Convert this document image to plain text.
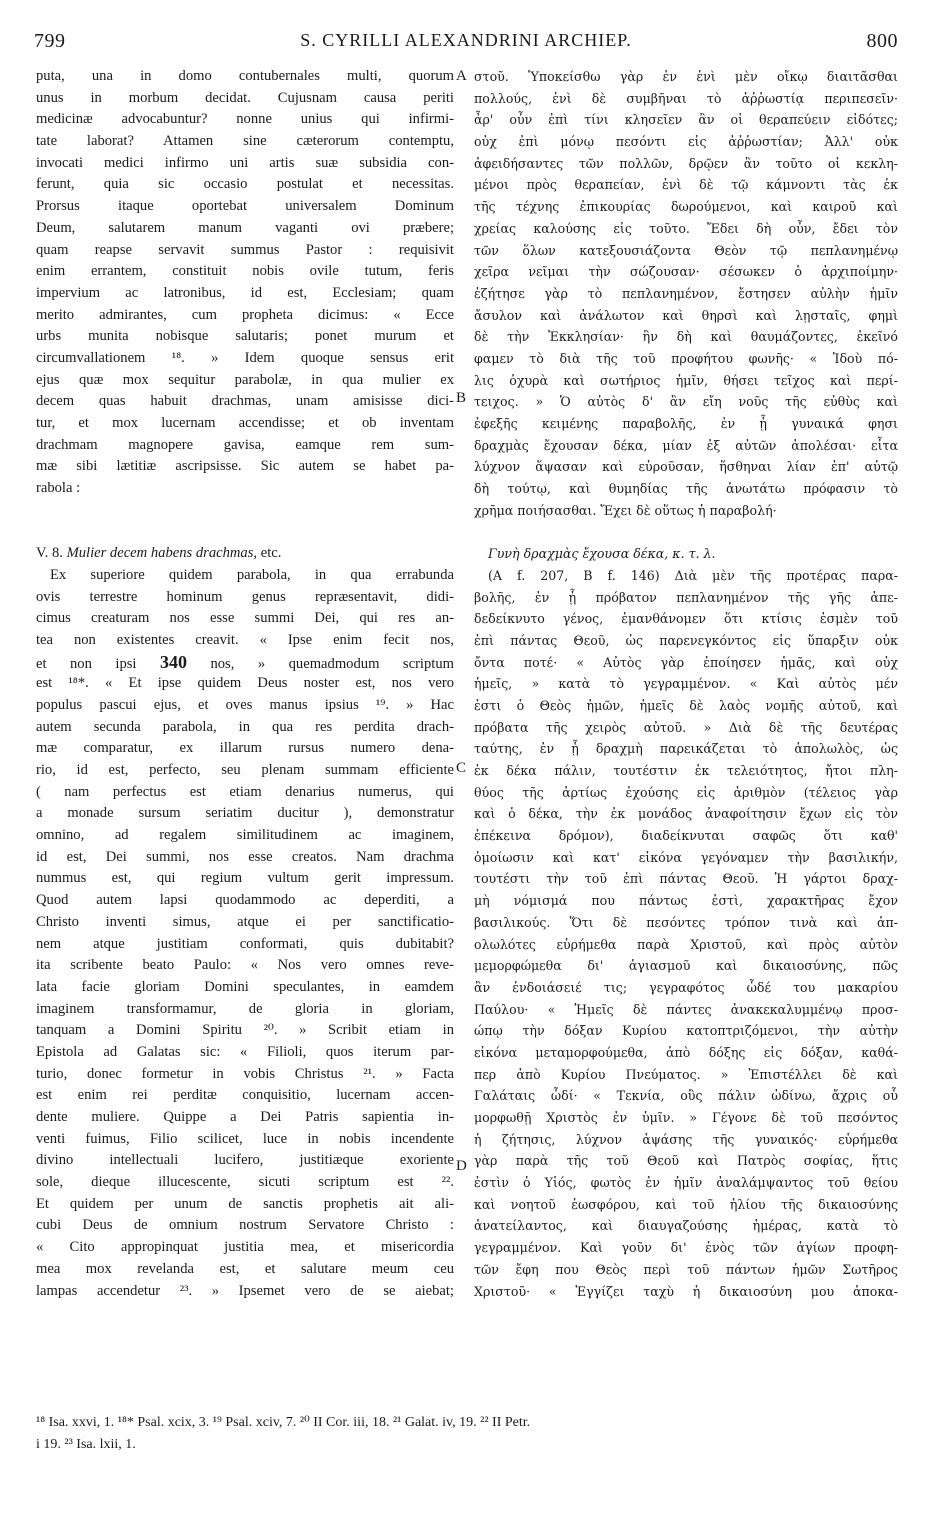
799	S. CYRILLI ALEXANDRINI ARCHIEP.	800
puta, una in domo contubernales multi, quorum
unus in morbum decidat. Cujusnam causa periti
medicinæ advocabuntur? nonne unius qui infirmi-
tate laborat? Attamen sine cæterorum contemptu,
invocati medici infirmo uni artis suæ subsidia con-
ferunt, quia sic occasio postulat et necessitas.
Prorsus itaque oportebat universalem Dominum
Deum, salutarem manum vaganti ovi præbere;
quam reapse servavit summus Pastor : requisivit
enim errantem, constituit nobis ovile tutum, feris
impervium ac latronibus, id est, Ecclesiam; quam
merito admirantes, cum propheta dicimus: « Ecce
urbs munita nobisque salutaris; ponet murum et
circumvallationem ¹⁸. » Idem quoque sensus erit
ejus quæ mox sequitur parabolæ, in qua mulier ex
decem quas habuit drachmas, unam amisisse dici-
tur, et mox lucernam accendisse; et ob inventam
drachmam magnopere gavisa, eamque rem sum-
mæ sibi lætitiæ ascripsisse. Sic autem se habet pa-
rabola :
V. 8. Mulier decem habens drachmas, etc.
Ex superiore quidem parabola, in qua errabunda
ovis terrestre hominum genus repræsentavit, didi-
cimus creaturam nos esse summi Dei, qui res an-
tea non existentes creavit. « Ipse enim fecit nos,
et non ipsi 340 nos, » quemadmodum scriptum
est ¹⁸*. « Et ipse quidem Deus noster est, nos vero
populus pascui ejus, et oves manus ipsius ¹⁹. » Hac
autem secunda parabola, in qua res perdita drach-
mæ comparatur, ex illarum rursus numero dena-
rio, id est, perfecto, seu plenam summam efficiente
( nam perfectus est etiam denarius numerus, qui
a monade sursum seriatim ducitur ), demonstratur
omnino, ad regalem similitudinem ac imaginem,
id est, Dei summi, nos esse creatos. Nam drachma
nummus est, qui regium vultum gerit impressum.
Quod autem lapsi quodammodo ac deperditi, a
Christo inventi simus, atque ei per sanctificatio-
nem atque justitiam conformati, quis dubitabit?
ita scribente beato Paulo: « Nos vero omnes reve-
lata facie gloriam Domini speculantes, in eamdem
imaginem transformamur, de gloria in gloriam,
tanquam a Domini Spiritu ²⁰. » Scribit etiam in
Epistola ad Galatas sic: « Filioli, quos iterum par-
turio, donec formetur in vobis Christus ²¹. » Facta
est enim rei perditæ conquisitio, lucernam accen-
dente muliere. Quippe a Dei Patris sapientia in-
venti fuimus, Filio scilicet, luce in nobis incendente
divino intellectuali lucifero, justitiæque exoriente
sole, dieque illucescente, sicuti scriptum est ²².
Et quidem per unum de sanctis prophetis ait ali-
cubi Deus de omnium nostrum Servatore Christo :
« Cito appropinquat justitia mea, et misericordia
mea mox revelanda est, et salutare meum ceu
lampas accendetur ²³. » Ipsemet vero de se aiebat;
A
B
C
D
στοῦ. Ὑποκείσθω γὰρ ἐν ἑνὶ μὲν οἴκῳ διαιτᾶσθαι
πολλούς, ἑνὶ δὲ συμβῆναι τὸ ἀῤῥωστίᾳ περιπεσεῖν·
ἆρ' οὖν ἐπὶ τίνι κλησεῖεν ἂν οἱ θεραπεύειν εἰδότες;
οὐχ ἐπὶ μόνῳ πεσόντι εἰς ἀῤῥωστίαν; Ἀλλ' οὐκ
ἀφειδήσαντες τῶν πολλῶν, δρῷεν ἂν τοῦτο οἱ κεκλη-
μένοι πρὸς θεραπείαν, ἑνὶ δὲ τῷ κάμνοντι τὰς ἐκ
τῆς τέχνης ἐπικουρίας δωρούμενοι, καὶ καιροῦ καὶ
χρείας καλούσης εἰς τοῦτο. Ἔδει δὴ οὖν, ἔδει τὸν
τῶν ὅλων κατεξουσιάζοντα Θεὸν τῷ πεπλανημένῳ
χεῖρα νεῖμαι τὴν σώζουσαν· σέσωκεν ὁ ἀρχιποίμην·
ἐζήτησε γὰρ τὸ πεπλανημένον, ἔστησεν αὐλὴν ἡμῖν
ἄσυλον καὶ ἀνάλωτον καὶ θηρσὶ καὶ λῃσταῖς, φημὶ
δὲ τὴν Ἐκκλησίαν· ἣν δὴ καὶ θαυμάζοντες, ἐκεῖνό
φαμεν τὸ διὰ τῆς τοῦ προφήτου φωνῆς· « Ἰδοὺ πό-
λις ὀχυρὰ καὶ σωτήριος ἡμῖν, θήσει τεῖχος καὶ περί-
τειχος. » Ὁ αὐτὸς δ' ἂν εἴη νοῦς τῆς εὐθὺς καὶ
ἐφεξῆς κειμένης παραβολῆς, ἐν ᾗ γυναικά φησι
δραχμὰς ἔχουσαν δέκα, μίαν ἐξ αὐτῶν ἀπολέσαι· εἶτα
λύχνον ἅψασαν καὶ εὑροῦσαν, ἥσθηναι λίαν ἐπ' αὐτῷ
δὴ τούτῳ, καὶ θυμηδίας τῆς ἀνωτάτω πρόφασιν τὸ
χρῆμα ποιήσασθαι. Ἔχει δὲ οὕτως ἡ παραβολή·
Γυνὴ δραχμὰς ἔχουσα δέκα, κ. τ. λ.
(A f. 207, B f. 146) Διὰ μὲν τῆς προτέρας παρα-
βολῆς, ἐν ᾗ πρόβατον πεπλανημένον τῆς γῆς ἀπε-
δεδείκνυτο γένος, ἐμανθάνομεν ὅτι κτίσις ἐσμὲν τοῦ
ἐπὶ πάντας Θεοῦ, ὡς παρενεγκόντος εἰς ὕπαρξιν οὐκ
ὄντα ποτέ· « Αὐτὸς γὰρ ἐποίησεν ἡμᾶς, καὶ οὐχ
ἡμεῖς, » κατὰ τὸ γεγραμμένον. « Καὶ αὐτὸς μέν
ἐστι ὁ Θεὸς ἡμῶν, ἡμεῖς δὲ λαὸς νομῆς αὐτοῦ, καὶ
πρόβατα τῆς χειρὸς αὐτοῦ. » Διὰ δὲ τῆς δευτέρας
ταύτης, ἐν ᾗ δραχμὴ παρεικάζεται τὸ ἀπολωλὸς, ὡς
ἐκ δέκα πάλιν, τουτέστιν ἐκ τελειότητος, ἤτοι πλη-
θύος τῆς ἀρτίως ἐχούσης εἰς ἀριθμὸν (τέλειος γὰρ
καὶ ὁ δέκα, τὴν ἐκ μονάδος ἀναφοίτησιν ἔχων εἰς τὸν
ἐπέκεινα δρόμον), διαδείκνυται σαφῶς ὅτι καθ'
ὁμοίωσιν καὶ κατ' εἰκόνα γεγόναμεν τὴν βασιλικήν,
τουτέστι τὴν τοῦ ἐπὶ πάντας Θεοῦ. Ἡ γάρτοι δραχ-
μὴ νόμισμά που πάντως ἐστὶ, χαρακτῆρας ἔχον
βασιλικούς. Ὅτι δὲ πεσόντες τρόπον τινὰ καὶ ἀπ-
ολωλότες εὑρήμεθα παρὰ Χριστοῦ, καὶ πρὸς αὐτὸν
μεμορφώμεθα δι' ἁγιασμοῦ καὶ δικαιοσύνης, πῶς
ἂν ἐνδοιάσειέ τις; γεγραφότος ὧδέ του μακαρίου
Παύλου· « Ἡμεῖς δὲ πάντες ἀνακεκαλυμμένῳ προσ-
ώπῳ τὴν δόξαν Κυρίου κατοπτριζόμενοι, τὴν αὐτὴν
εἰκόνα μεταμορφούμεθα, ἀπὸ δόξης εἰς δόξαν, καθά-
περ ἀπὸ Κυρίου Πνεύματος. » Ἐπιστέλλει δὲ καὶ
Γαλάταις ὧδί· « Τεκνία, οὓς πάλιν ὠδίνω, ἄχρις οὗ
μορφωθῇ Χριστὸς ἐν ὑμῖν. » Γέγονε δὲ τοῦ πεσόντος
ἡ ζήτησις, λύχνον ἁψάσης τῆς γυναικός· εὑρήμεθα
γὰρ παρὰ τῆς τοῦ Θεοῦ καὶ Πατρὸς σοφίας, ἥτις
ἐστὶν ὁ Υἱός, φωτὸς ἐν ἡμῖν ἀναλάμψαντος τοῦ θείου
καὶ νοητοῦ ἑωσφόρου, καὶ τοῦ ἡλίου τῆς δικαιοσύνης
ἀνατείλαντος, καὶ διαυγαζούσης ἡμέρας, κατὰ τὸ
γεγραμμένον. Καὶ γοῦν δι' ἑνὸς τῶν ἁγίων προφη-
τῶν ἔφη που Θεὸς περὶ τοῦ πάντων ἡμῶν Σωτῆρος
Χριστοῦ· « Ἐγγίζει ταχὺ ἡ δικαιοσύνη μου ἀποκα-
¹⁸ Isa. xxvi, 1. ¹⁸* Psal. xcix, 3. ¹⁹ Psal. xciv, 7. ²⁰ II Cor. iii, 18. ²¹ Galat. iv, 19. ²² II Petr.
i 19. ²³ Isa. lxii, 1.
